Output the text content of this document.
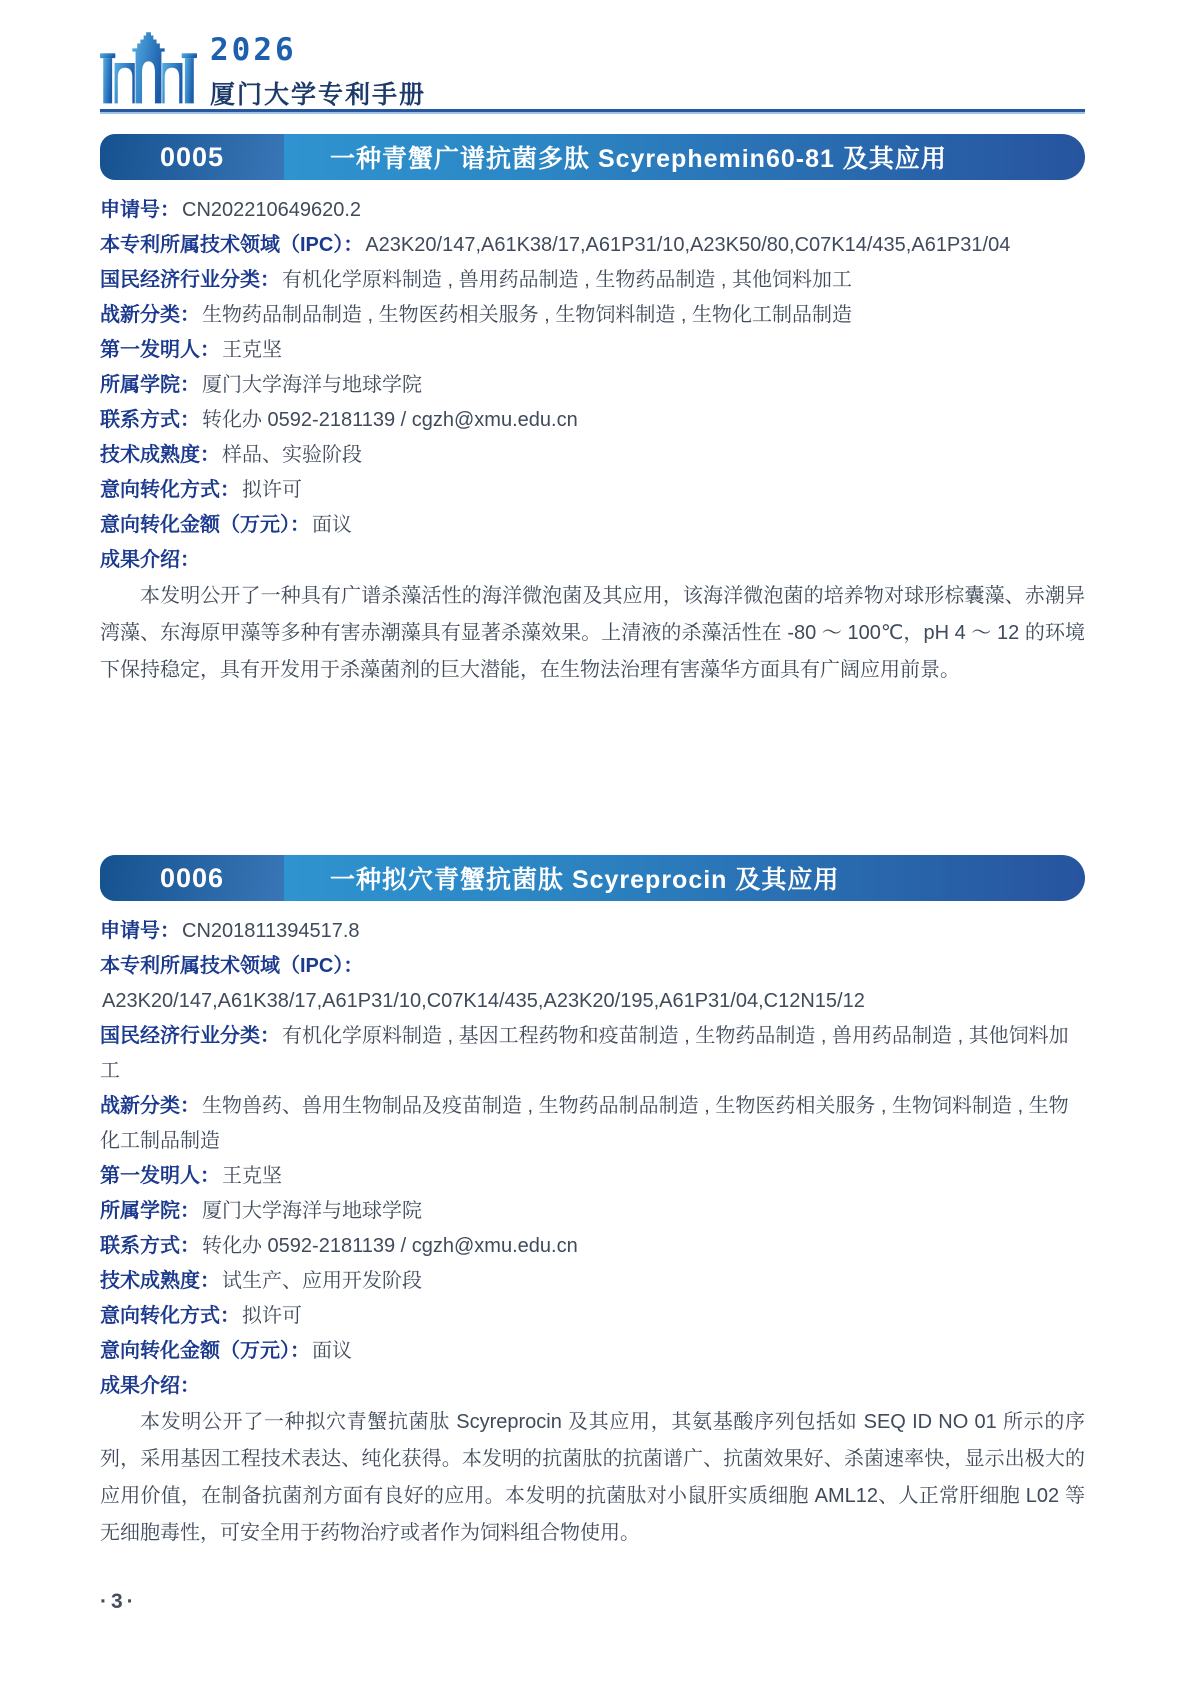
2026
厦门大学专利手册
0005	一种青蟹广谱抗菌多肽 Scyrephemin60-81 及其应用
申请号： CN202210649620.2
本专利所属技术领域（IPC）： A23K20/147,A61K38/17,A61P31/10,A23K50/80,C07K14/435,A61P31/04
国民经济行业分类： 有机化学原料制造 , 兽用药品制造 , 生物药品制造 , 其他饲料加工
战新分类： 生物药品制品制造 , 生物医药相关服务 , 生物饲料制造 , 生物化工制品制造
第一发明人： 王克坚
所属学院： 厦门大学海洋与地球学院
联系方式： 转化办 0592-2181139 / cgzh@xmu.edu.cn
技术成熟度： 样品、实验阶段
意向转化方式： 拟许可
意向转化金额（万元）： 面议
成果介绍：

本发明公开了一种具有广谱杀藻活性的海洋微泡菌及其应用，该海洋微泡菌的培养物对球形棕囊藻、赤潮异湾藻、东海原甲藻等多种有害赤潮藻具有显著杀藻效果。上清液的杀藻活性在 -80 ～ 100℃，pH 4 ～ 12 的环境下保持稳定，具有开发用于杀藻菌剂的巨大潜能，在生物法治理有害藻华方面具有广阔应用前景。

0006	一种拟穴青蟹抗菌肽 Scyreprocin 及其应用
申请号： CN201811394517.8
本专利所属技术领域（IPC）：A23K20/147,A61K38/17,A61P31/10,C07K14/435,A23K20/195,A61P31/04,C12N15/12
国民经济行业分类： 有机化学原料制造 , 基因工程药物和疫苗制造 , 生物药品制造 , 兽用药品制造 , 其他饲料加工
战新分类： 生物兽药、兽用生物制品及疫苗制造 , 生物药品制品制造 , 生物医药相关服务 , 生物饲料制造 , 生物化工制品制造
第一发明人： 王克坚
所属学院： 厦门大学海洋与地球学院
联系方式： 转化办 0592-2181139 / cgzh@xmu.edu.cn
技术成熟度： 试生产、应用开发阶段
意向转化方式： 拟许可
意向转化金额（万元）： 面议
成果介绍：

本发明公开了一种拟穴青蟹抗菌肽 Scyreprocin 及其应用，其氨基酸序列包括如 SEQ ID NO 01 所示的序列，采用基因工程技术表达、纯化获得。本发明的抗菌肽的抗菌谱广、抗菌效果好、杀菌速率快，显示出极大的应用价值，在制备抗菌剂方面有良好的应用。本发明的抗菌肽对小鼠肝实质细胞 AML12、人正常肝细胞 L02 等无细胞毒性，可安全用于药物治疗或者作为饲料组合物使用。

·3·
